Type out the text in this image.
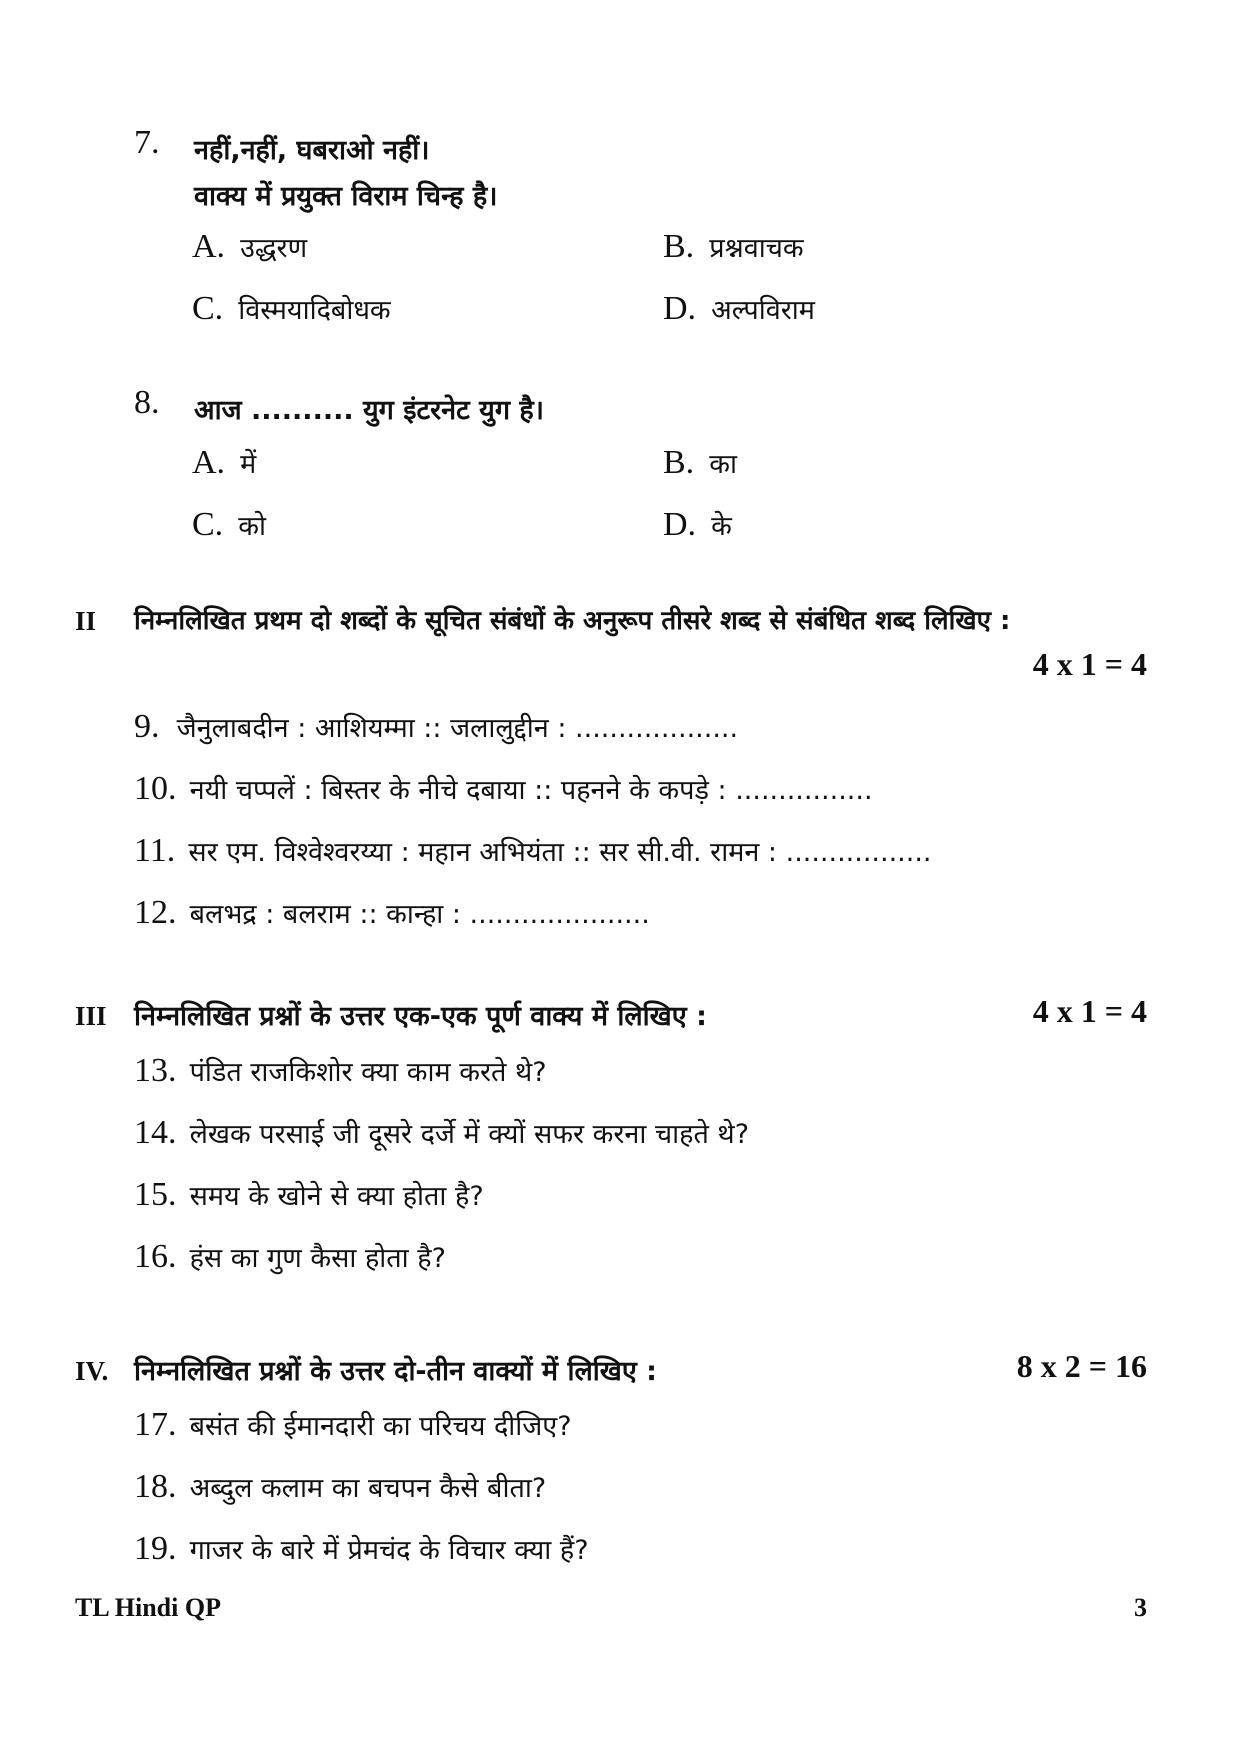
7. नहीं,नहीं, घबराओ नहीं।
वाक्य में प्रयुक्त विराम चिन्ह है।
A. उद्धरण	B. प्रश्नवाचक
C. विस्मयादिबोधक	D. अल्पविराम
8. आज .......... युग इंटरनेट युग है।
A. में	B. का
C. को	D. के
II निम्नलिखित प्रथम दो शब्दों के सूचित संबंधों के अनुरूप तीसरे शब्द से संबंधित शब्द लिखिए :
4 x 1 = 4
9. जैनुलाबदीन : आशियम्मा :: जलालुद्दीन : ...................
10. नयी चप्पलें : बिस्तर के नीचे दबाया :: पहनने के कपड़े : ................
11. सर एम. विश्वेश्वरय्या : महान अभियंता :: सर सी.वी. रामन : .................
12. बलभद्र : बलराम :: कान्हा : .....................
III निम्नलिखित प्रश्नों के उत्तर एक-एक पूर्ण वाक्य में लिखिए :	4 x 1 = 4
13. पंडित राजकिशोर क्या काम करते थे?
14. लेखक परसाई जी दूसरे दर्जे में क्यों सफर करना चाहते थे?
15. समय के खोने से क्या होता है?
16. हंस का गुण कैसा होता है?
IV. निम्नलिखित प्रश्नों के उत्तर दो-तीन वाक्यों में लिखिए :	8 x 2 = 16
17. बसंत की ईमानदारी का परिचय दीजिए?
18. अब्दुल कलाम का बचपन कैसे बीता?
19. गाजर के बारे में प्रेमचंद के विचार क्या हैं?
TL Hindi QP	3
